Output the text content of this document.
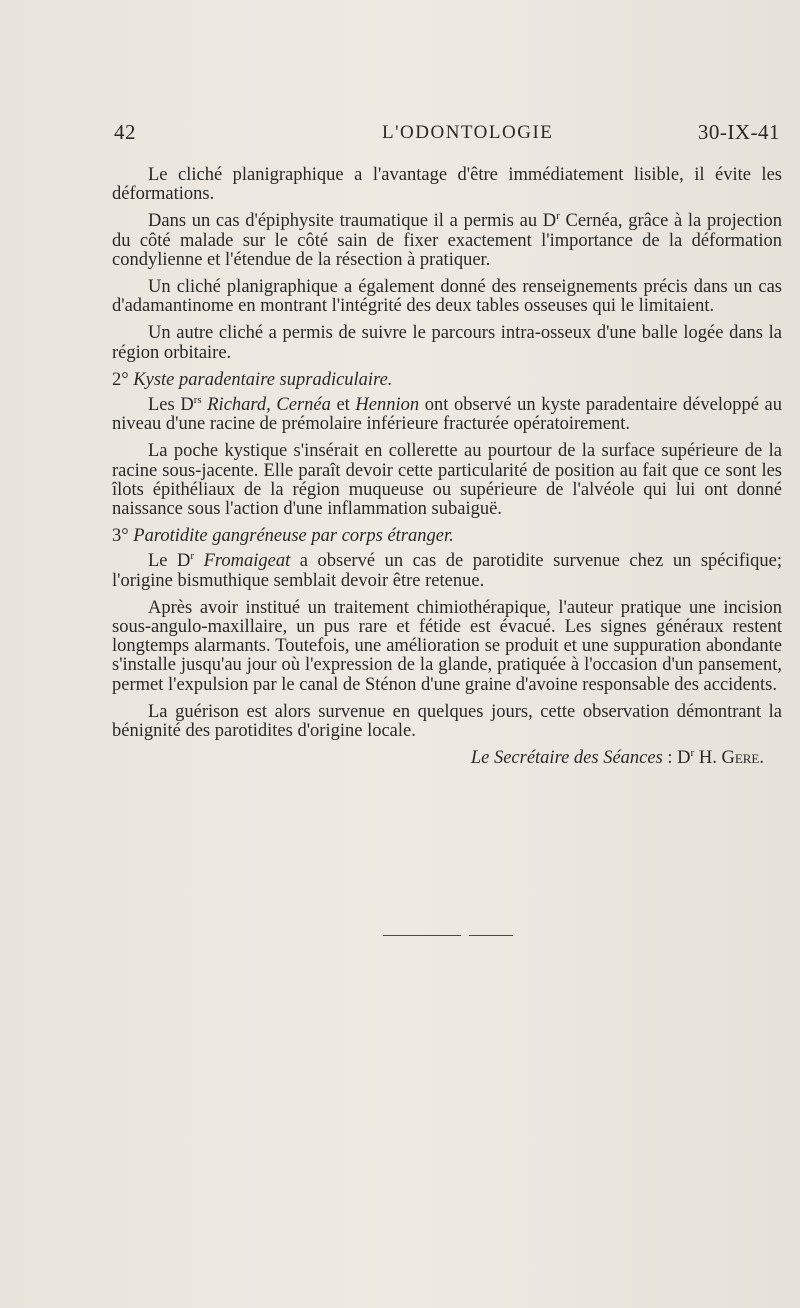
42	L'ODONTOLOGIE	30-IX-41

Le cliché planigraphique a l'avantage d'être immédiatement lisible, il évite les déformations.

Dans un cas d'épiphysite traumatique il a permis au $D^r$ Cernéa, grâce à la projection du côté malade sur le côté sain de fixer exactement l'importance de la déformation condylienne et l'étendue de la résection à pratiquer.

Un cliché planigraphique a également donné des renseignements précis dans un cas d'adamantinome en montrant l'intégrité des deux tables osseuses qui le limitaient.

Un autre cliché a permis de suivre le parcours intra-osseux d'une balle logée dans la région orbitaire.

2° Kyste paradentaire supradiculaire.

Les $D^{rs}$ Richard, Cernéa et Hennion ont observé un kyste paradentaire développé au niveau d'une racine de prémolaire inférieure fracturée opératoirement.

La poche kystique s'insérait en collerette au pourtour de la surface supérieure de la racine sous-jacente. Elle paraît devoir cette particularité de position au fait que ce sont les îlots épithéliaux de la région muqueuse ou supérieure de l'alvéole qui lui ont donné naissance sous l'action d'une inflammation subaiguë.

3° Parotidite gangréneuse par corps étranger.

Le $D^r$ Fromaigeat a observé un cas de parotidite survenue chez un spécifique; l'origine bismuthique semblait devoir être retenue.

Après avoir institué un traitement chimiothérapique, l'auteur pratique une incision sous-angulo-maxillaire, un pus rare et fétide est évacué. Les signes généraux restent longtemps alarmants. Toutefois, une amélioration se produit et une suppuration abondante s'installe jusqu'au jour où l'expression de la glande, pratiquée à l'occasion d'un pansement, permet l'expulsion par le canal de Sténon d'une graine d'avoine responsable des accidents.

La guérison est alors survenue en quelques jours, cette observation démontrant la bénignité des parotidites d'origine locale.

Le Secrétaire des Séances : $D^r$ H. Gere.
